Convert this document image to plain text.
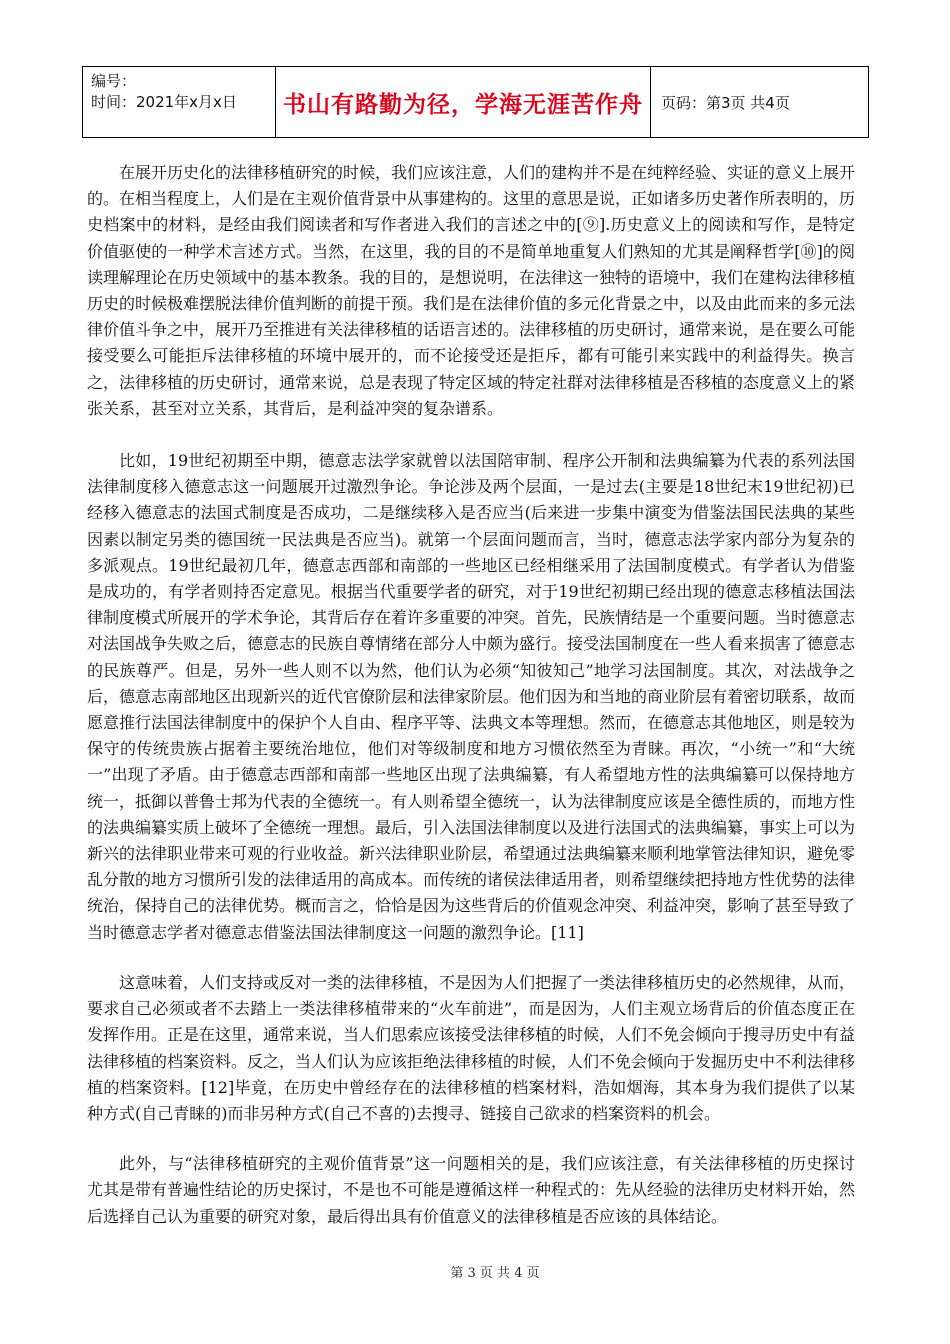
编号：
时间：2021年x月x日	书山有路勤为径，学海无涯苦作舟	页码：第3页 共4页

在展开历史化的法律移植研究的时候，我们应该注意，人们的建构并不是在纯粹经验、实证的意义上展开的。在相当程度上，人们是在主观价值背景中从事建构的。这里的意思是说，正如诸多历史著作所表明的，历史档案中的材料，是经由我们阅读者和写作者进入我们的言述之中的[⑨].历史意义上的阅读和写作，是特定价值驱使的一种学术言述方式。当然，在这里，我的目的不是简单地重复人们熟知的尤其是阐释哲学[⑩]的阅读理解理论在历史领域中的基本教条。我的目的，是想说明，在法律这一独特的语境中，我们在建构法律移植历史的时候极难摆脱法律价值判断的前提干预。我们是在法律价值的多元化背景之中，以及由此而来的多元法律价值斗争之中，展开乃至推进有关法律移植的话语言述的。法律移植的历史研讨，通常来说，是在要么可能接受要么可能拒斥法律移植的环境中展开的，而不论接受还是拒斥，都有可能引来实践中的利益得失。换言之，法律移植的历史研讨，通常来说，总是表现了特定区域的特定社群对法律移植是否移植的态度意义上的紧张关系，甚至对立关系，其背后，是利益冲突的复杂谱系。

比如，19世纪初期至中期，德意志法学家就曾以法国陪审制、程序公开制和法典编纂为代表的系列法国法律制度移入德意志这一问题展开过激烈争论。争论涉及两个层面，一是过去(主要是18世纪末19世纪初)已经移入德意志的法国式制度是否成功，二是继续移入是否应当(后来进一步集中演变为借鉴法国民法典的某些因素以制定另类的德国统一民法典是否应当)。就第一个层面问题而言，当时，德意志法学家内部分为复杂的多派观点。19世纪最初几年，德意志西部和南部的一些地区已经相继采用了法国制度模式。有学者认为借鉴是成功的，有学者则持否定意见。根据当代重要学者的研究，对于19世纪初期已经出现的德意志移植法国法律制度模式所展开的学术争论，其背后存在着许多重要的冲突。首先，民族情结是一个重要问题。当时德意志对法国战争失败之后，德意志的民族自尊情绪在部分人中颇为盛行。接受法国制度在一些人看来损害了德意志的民族尊严。但是，另外一些人则不以为然，他们认为必须“知彼知己”地学习法国制度。其次，对法战争之后，德意志南部地区出现新兴的近代官僚阶层和法律家阶层。他们因为和当地的商业阶层有着密切联系，故而愿意推行法国法律制度中的保护个人自由、程序平等、法典文本等理想。然而，在德意志其他地区，则是较为保守的传统贵族占据着主要统治地位，他们对等级制度和地方习惯依然至为青睐。再次，“小统一”和“大统一”出现了矛盾。由于德意志西部和南部一些地区出现了法典编纂，有人希望地方性的法典编纂可以保持地方统一，抵御以普鲁士邦为代表的全德统一。有人则希望全德统一，认为法律制度应该是全德性质的，而地方性的法典编纂实质上破坏了全德统一理想。最后，引入法国法律制度以及进行法国式的法典编纂，事实上可以为新兴的法律职业带来可观的行业收益。新兴法律职业阶层，希望通过法典编纂来顺利地掌管法律知识，避免零乱分散的地方习惯所引发的法律适用的高成本。而传统的诸侯法律适用者，则希望继续把持地方性优势的法律统治，保持自己的法律优势。概而言之，恰恰是因为这些背后的价值观念冲突、利益冲突，影响了甚至导致了当时德意志学者对德意志借鉴法国法律制度这一问题的激烈争论。[11]

这意味着，人们支持或反对一类的法律移植，不是因为人们把握了一类法律移植历史的必然规律，从而，要求自己必须或者不去踏上一类法律移植带来的“火车前进”，而是因为，人们主观立场背后的价值态度正在发挥作用。正是在这里，通常来说，当人们思索应该接受法律移植的时候，人们不免会倾向于搜寻历史中有益法律移植的档案资料。反之，当人们认为应该拒绝法律移植的时候，人们不免会倾向于发掘历史中不利法律移植的档案资料。[12]毕竟，在历史中曾经存在的法律移植的档案材料，浩如烟海，其本身为我们提供了以某种方式(自己青睐的)而非另种方式(自己不喜的)去搜寻、链接自己欲求的档案资料的机会。

此外，与“法律移植研究的主观价值背景”这一问题相关的是，我们应该注意，有关法律移植的历史探讨尤其是带有普遍性结论的历史探讨，不是也不可能是遵循这样一种程式的：先从经验的法律历史材料开始，然后选择自己认为重要的研究对象，最后得出具有价值意义的法律移植是否应该的具体结论。

第 3 页 共 4 页
